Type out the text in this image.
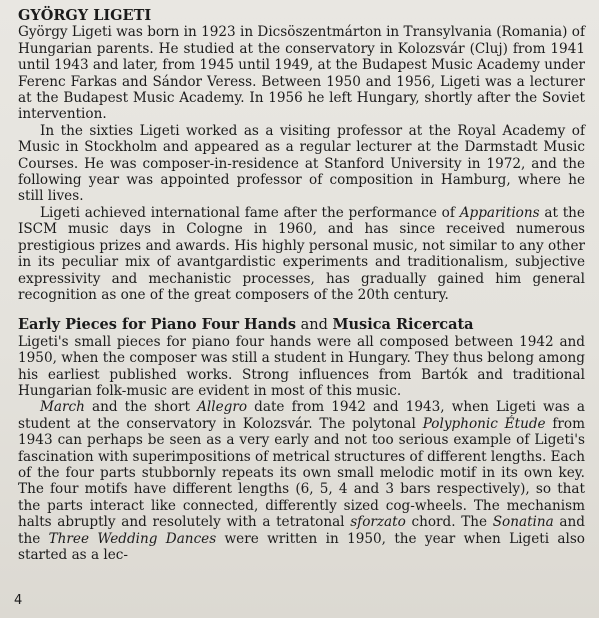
GYÖRGY LIGETI

György Ligeti was born in 1923 in Dicsöszentmárton in Transylvania (Romania) of Hungarian parents. He studied at the conservatory in Kolozsvár (Cluj) from 1941 until 1943 and later, from 1945 until 1949, at the Budapest Music Academy under Ferenc Farkas and Sándor Veress. Between 1950 and 1956, Ligeti was a lecturer at the Budapest Music Academy. In 1956 he left Hungary, shortly after the Soviet intervention.

In the sixties Ligeti worked as a visiting professor at the Royal Academy of Music in Stockholm and appeared as a regular lecturer at the Darmstadt Music Courses. He was composer-in-residence at Stanford University in 1972, and the following year was appointed professor of composition in Hamburg, where he still lives.

Ligeti achieved international fame after the performance of Apparitions at the ISCM music days in Cologne in 1960, and has since received numerous prestigious prizes and awards. His highly personal music, not similar to any other in its peculiar mix of avantgardistic experiments and traditionalism, subjective expressivity and mechanistic processes, has gradually gained him general recognition as one of the great composers of the 20th century.

Early Pieces for Piano Four Hands and Musica Ricercata

Ligeti's small pieces for piano four hands were all composed between 1942 and 1950, when the composer was still a student in Hungary. They thus belong among his earliest published works. Strong influences from Bartók and traditional Hungarian folk-music are evident in most of this music.

March and the short Allegro date from 1942 and 1943, when Ligeti was a student at the conservatory in Kolozsvár. The polytonal Polyphonic Étude from 1943 can perhaps be seen as a very early and not too serious example of Ligeti's fascination with superimpositions of metrical structures of different lengths. Each of the four parts stubbornly repeats its own small melodic motif in its own key. The four motifs have different lengths (6, 5, 4 and 3 bars respectively), so that the parts interact like connected, differently sized cog-wheels. The mechanism halts abruptly and resolutely with a tetratonal sforzato chord. The Sonatina and the Three Wedding Dances were written in 1950, the year when Ligeti also started as a lec-

4
